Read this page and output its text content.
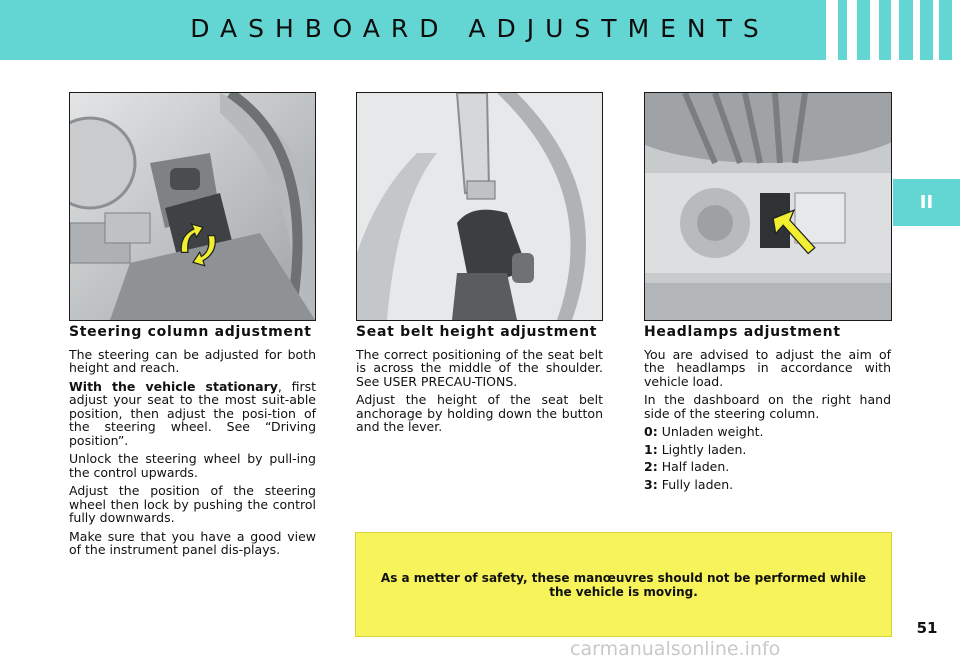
DASHBOARD ADJUSTMENTS
II
Steering column adjustment

The steering can be adjusted for both height and reach.

With the vehicle stationary, first adjust your seat to the most suit-able position, then adjust the posi-tion of the steering wheel. See “Driving position”.

Unlock the steering wheel by pull-ing the control upwards.

Adjust the position of the steering wheel then lock by pushing the control fully downwards.

Make sure that you have a good view of the instrument panel dis-plays.

Seat belt height adjustment

The correct positioning of the seat belt is across the middle of the shoulder. See USER PRECAU-TIONS.

Adjust the height of the seat belt anchorage by holding down the button and the lever.

Headlamps adjustment

You are advised to adjust the aim of the headlamps in accordance with vehicle load.

In the dashboard on the right hand side of the steering column.

0: Unladen weight.

1: Lightly laden.

2: Half laden.

3: Fully laden.

As a metter of safety, these manœuvres should not be performed while the vehicle is moving.
51
carmanualsonline.info
